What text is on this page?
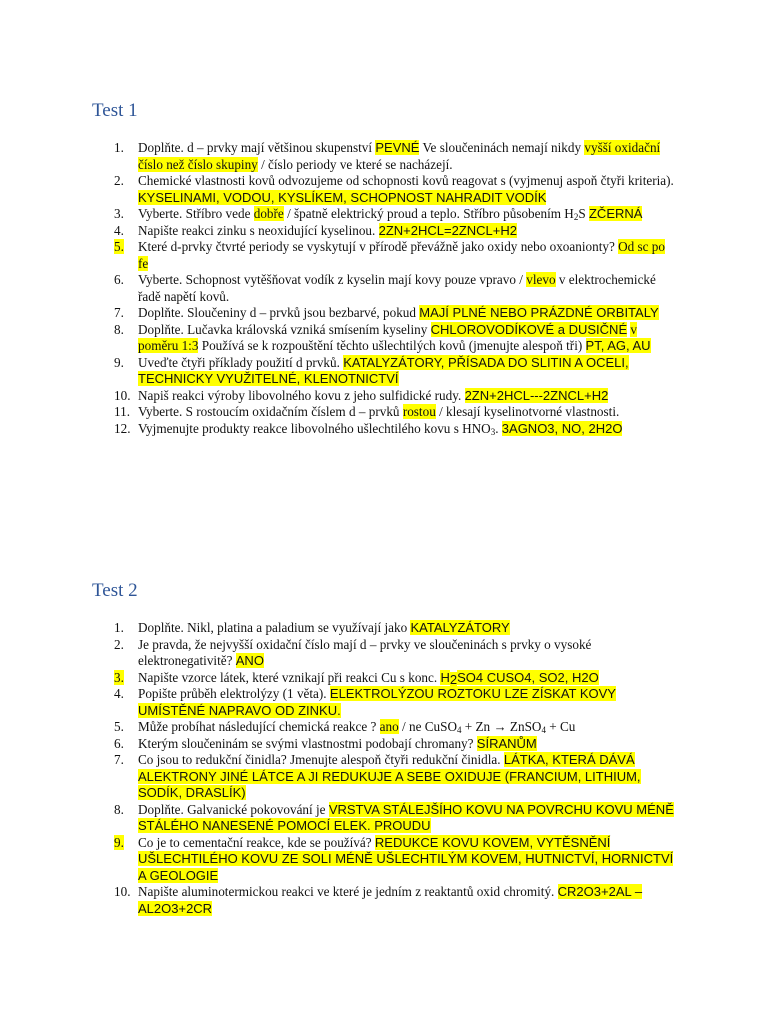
Test 1
1.	Doplňte. d – prvky mají většinou skupenství PEVNÉ Ve sloučeninách nemají nikdy vyšší oxidační číslo než číslo skupiny / číslo periody ve které se nacházejí.
2.	Chemické vlastnosti kovů odvozujeme od schopnosti kovů reagovat s (vyjmenuj aspoň čtyři kriteria). KYSELINAMI, VODOU, KYSLÍKEM, SCHOPNOST NAHRADIT VODÍK
3.	Vyberte. Stříbro vede dobře / špatně elektrický proud a teplo. Stříbro působením $H_2S$ ZČERNÁ
4.	Napište reakci zinku s neoxidující kyselinou. 2ZN+2HCL=2ZNCL+H2
5.	Které d-prvky čtvrté periody se vyskytují v přírodě převážně jako oxidy nebo oxoanionty? Od sc po fe
6.	Vyberte. Schopnost vytěšňovat vodík z kyselin mají kovy pouze vpravo / vlevo v elektrochemické řadě napětí kovů.
7.	Doplňte. Sloučeniny d – prvků jsou bezbarvé, pokud MAJÍ PLNÉ NEBO PRÁZDNÉ ORBITALY
8.	Doplňte. Lučavka královská vzniká smísením kyseliny CHLOROVODÍKOVÉ a DUSIČNÉ v poměru 1:3 Používá se k rozpouštění těchto ušlechtilých kovů (jmenujte alespoň tři) PT, AG, AU
9.	Uveďte čtyři příklady použití d prvků. KATALYZÁTORY, PŘÍSADA DO SLITIN A OCELI, TECHNICKY VYUŽITELNÉ, KLENOTNICTVÍ
10. Napiš reakci výroby libovolného kovu z jeho sulfidické rudy. 2ZN+2HCL---2ZNCL+H2
11. Vyberte. S rostoucím oxidačním číslem d – prvků rostou / klesají kyselinotvorné vlastnosti.
12. Vyjmenujte produkty reakce libovolného ušlechtilého kovu s $HNO_3$. 3AGNO3, NO, 2H2O
Test 2
1.	Doplňte. Nikl, platina a paladium se využívají jako KATALYZÁTORY
2.	Je pravda, že nejvyšší oxidační číslo mají d – prvky ve sloučeninách s prvky o vysoké elektronegativitě? ANO
3.	Napište vzorce látek, které vznikají při reakci Cu s konc. $H_2SO4$ CUSO4, SO2, H2O
4.	Popište průběh elektrolýzy (1 věta). ELEKTROLÝZOU ROZTOKU LZE ZÍSKAT KOVY UMÍSTĚNÉ NAPRAVO OD ZINKU.
5.	Může probíhat následující chemická reakce ? ano / ne CuSO$_4$ + Zn → ZnSO$_4$ + Cu
6.	Kterým sloučeninám se svými vlastnostmi podobají chromany? SÍRANŮM
7.	Co jsou to redukční činidla? Jmenujte alespoň čtyři redukční činidla. LÁTKA, KTERÁ DÁVÁ ALEKTRONY JINÉ LÁTCE A JI REDUKUJE A SEBE OXIDUJE (FRANCIUM, LITHIUM, SODÍK, DRASLÍK)
8.	Doplňte. Galvanické pokovování je VRSTVA STÁLEJŠÍHO KOVU NA POVRCHU KOVU MÉNĚ STÁLÉHO NANESENÉ POMOCÍ ELEK. PROUDU
9.	Co je to cementační reakce, kde se používá? REDUKCE KOVU KOVEM, VYTĚSNĚNÍ UŠLECHTILÉHO KOVU ZE SOLI MÉNĚ UŠLECHTILÝM KOVEM, HUTNICTVÍ, HORNICTVÍ A GEOLOGIE
10. Napište aluminotermickou reakci ve které je jedním z reaktantů oxid chromitý. CR2O3+2AL – AL2O3+2CR
